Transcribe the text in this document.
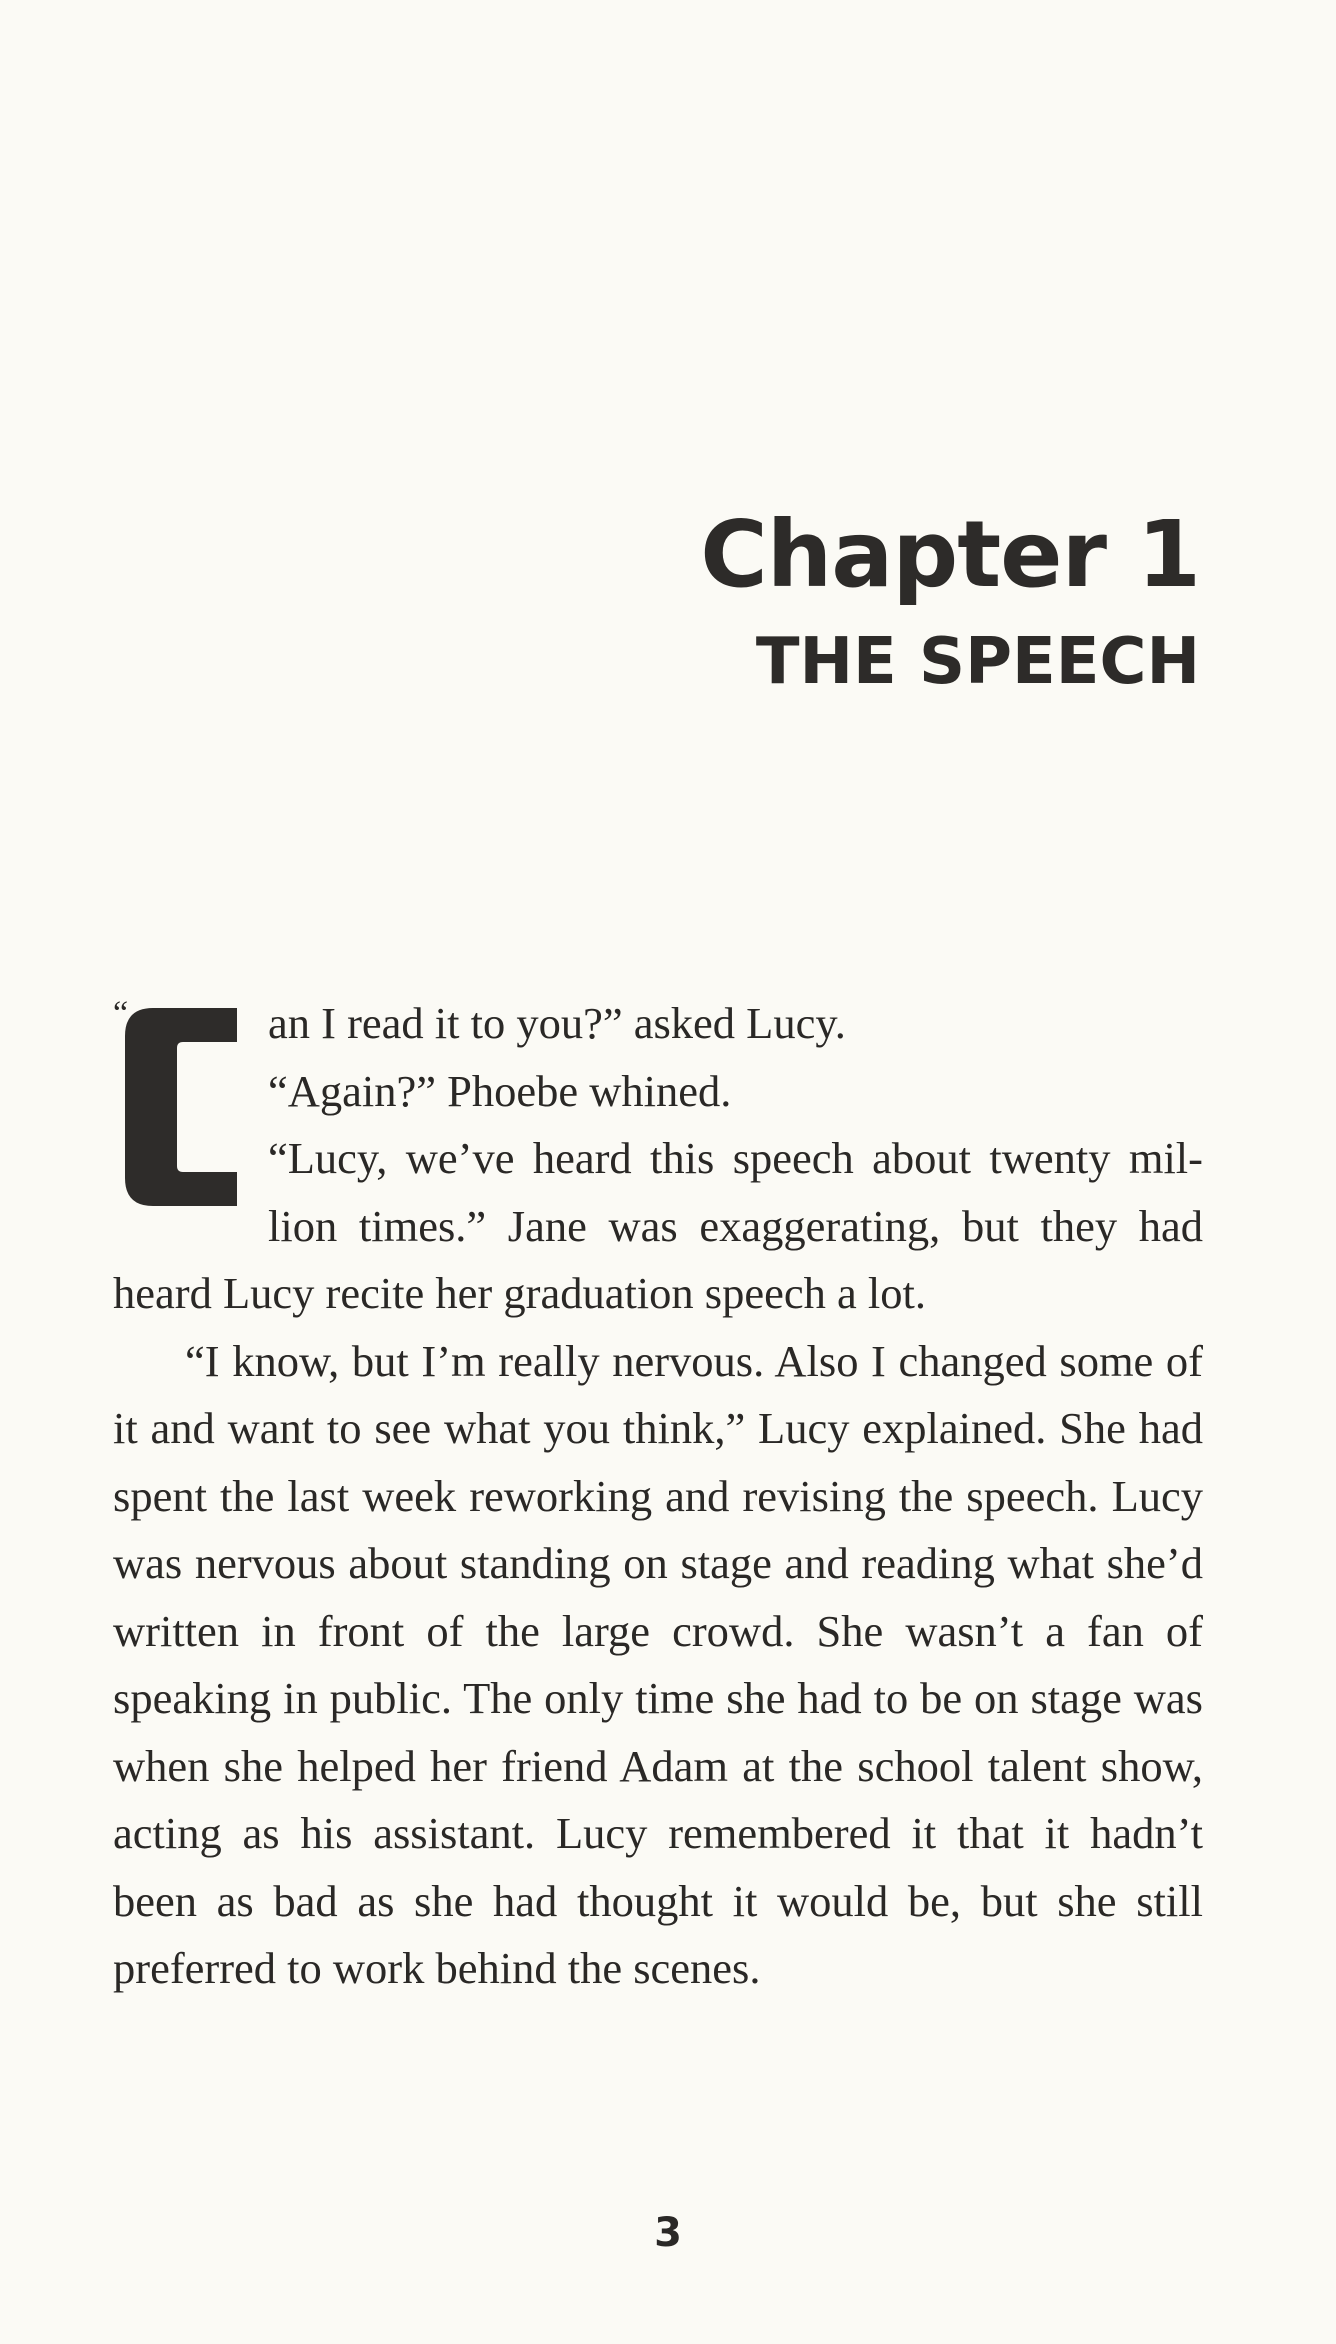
Chapter 1
THE SPEECH
“	an I read it to you?” asked Lucy.

“Again?” Phoebe whined.

“Lucy, we’ve heard this speech about twenty mil-lion times.” Jane was exaggerating, but they had heard Lucy recite her graduation speech a lot.

“I know, but I’m really nervous. Also I changed some of it and want to see what you think,” Lucy explained. She had spent the last week reworking and revising the speech. Lucy was nervous about standing on stage and reading what she’d written in front of the large crowd. She wasn’t a fan of speaking in public. The only time she had to be on stage was when she helped her friend Adam at the school talent show, acting as his assistant. Lucy remembered it that it hadn’t been as bad as she had thought it would be, but she still preferred to work behind the scenes.

3
